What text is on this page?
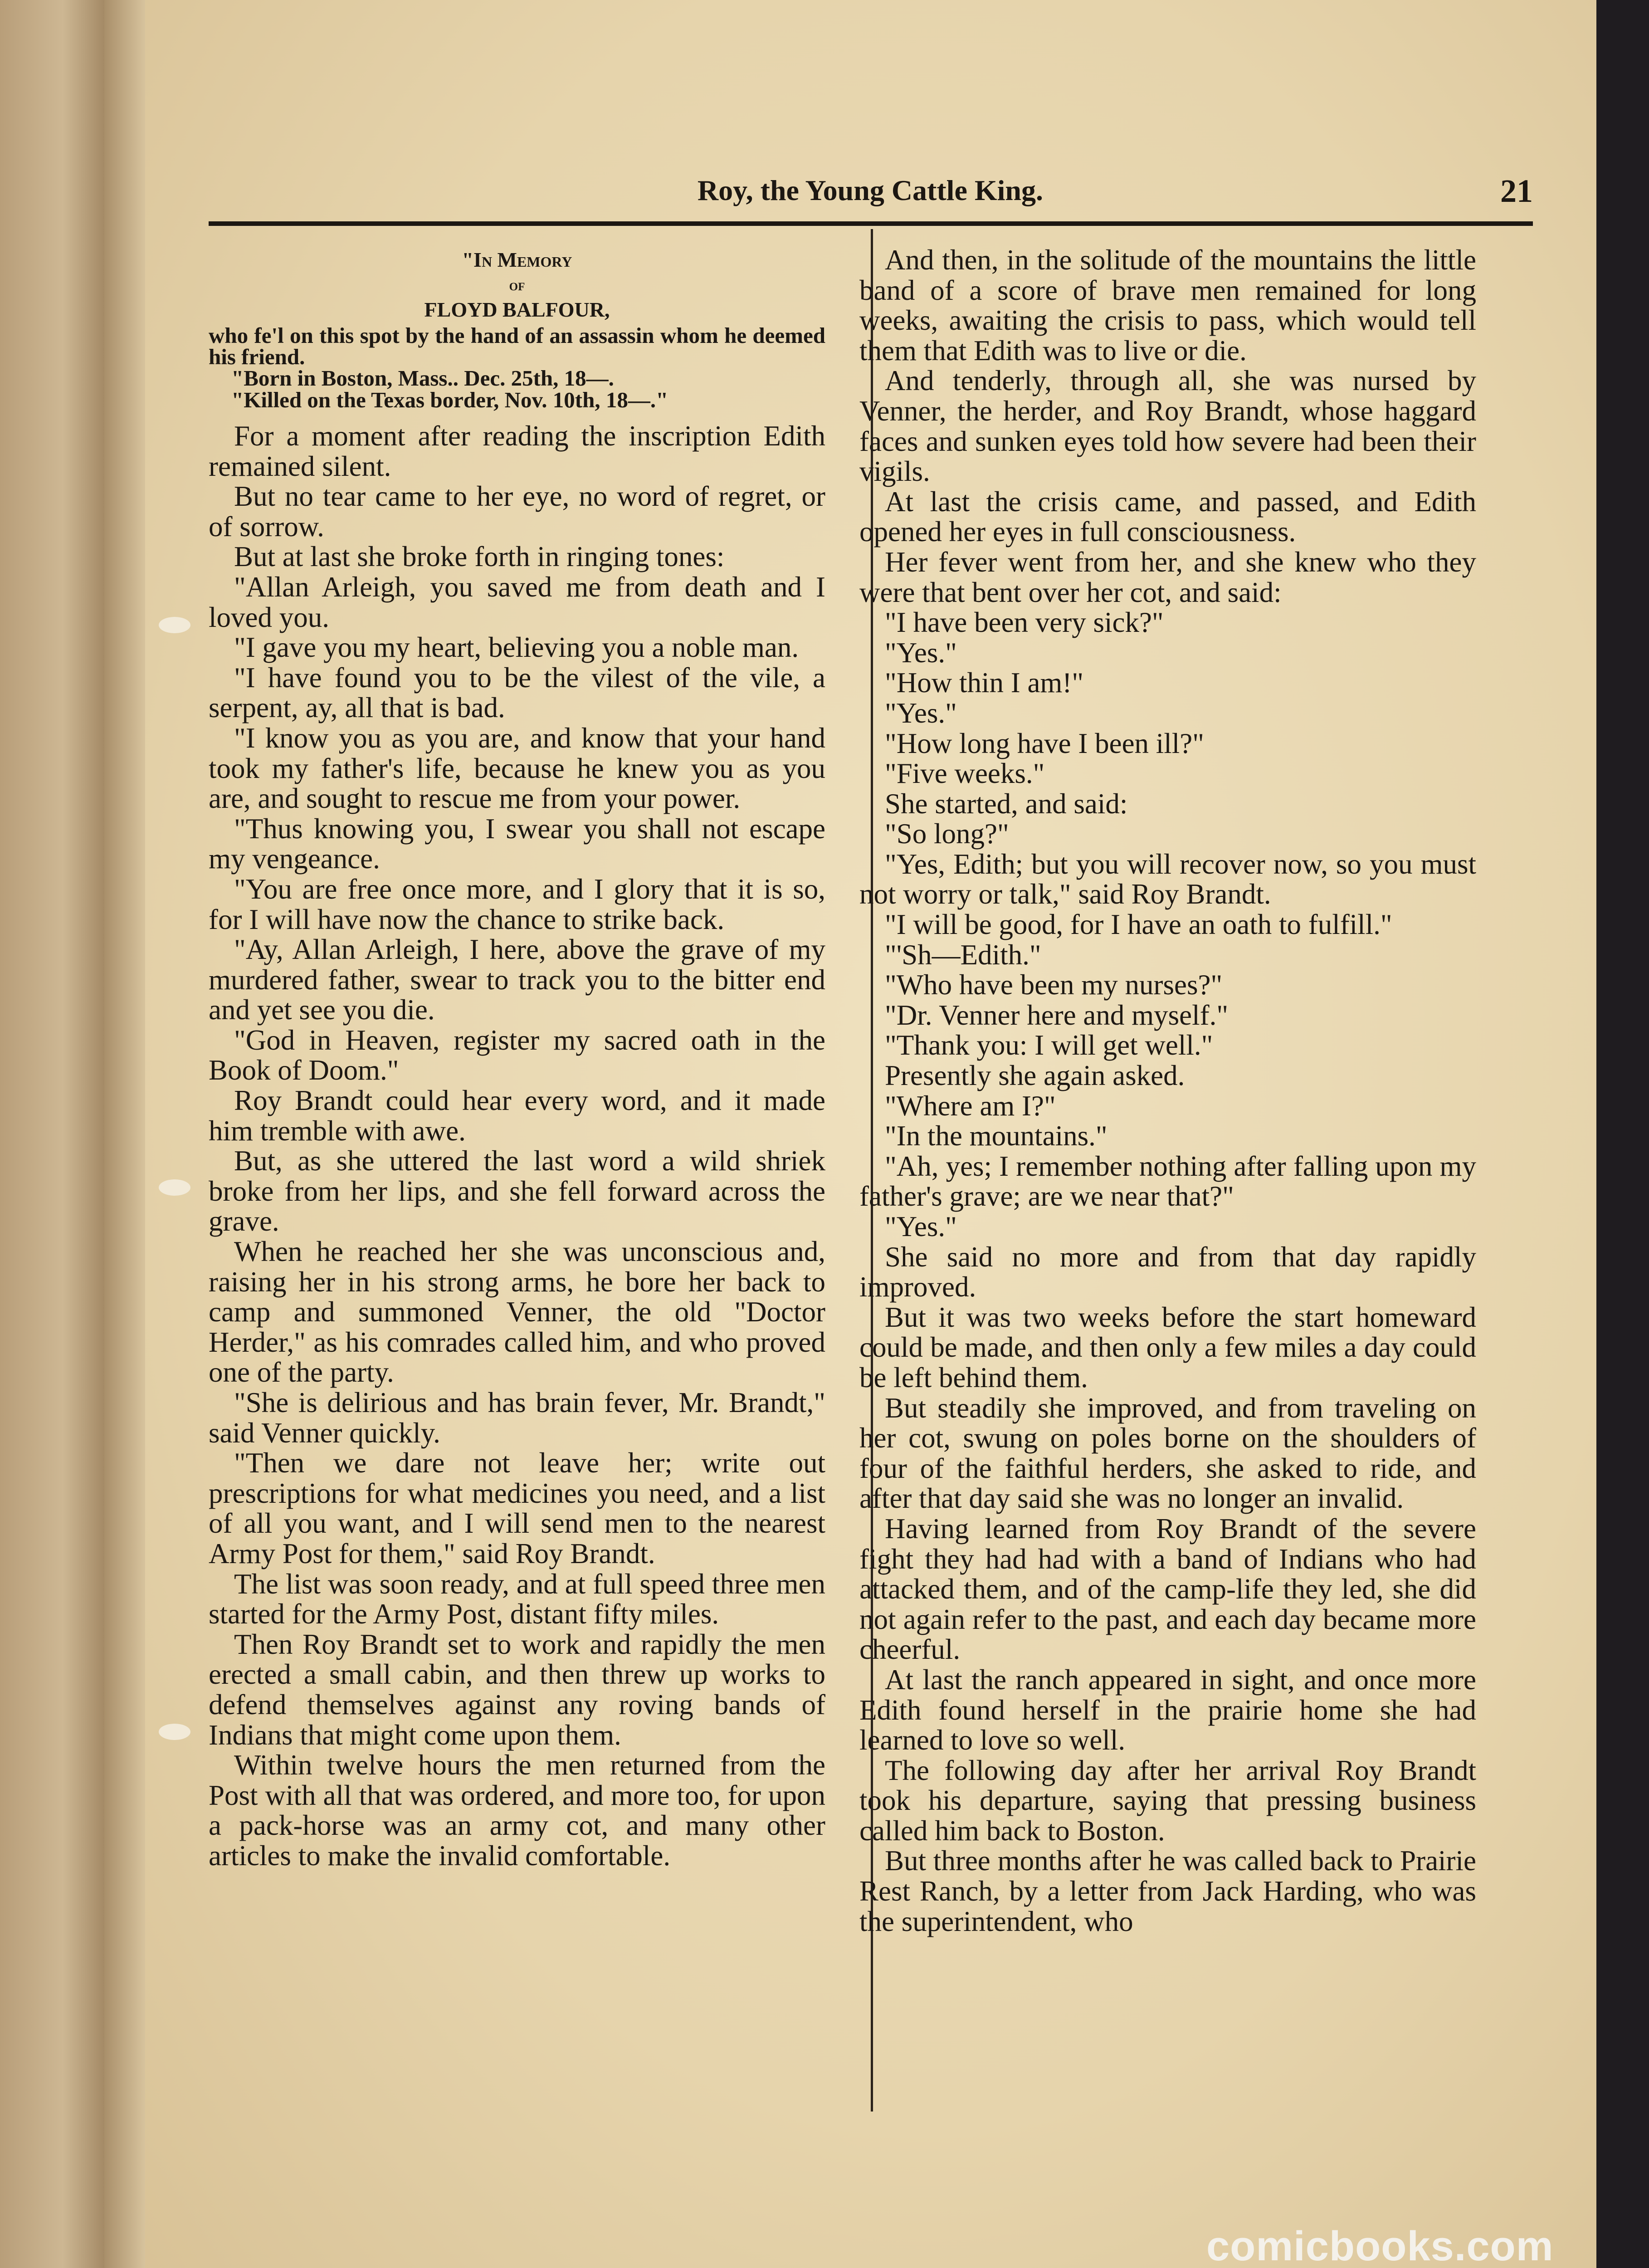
Roy, the Young Cattle King.	21
"In Memory
of
FLOYD BALFOUR,

who fe'l on this spot by the hand of an assassin whom he deemed his friend.

"Born in Boston, Mass.. Dec. 25th, 18—.

"Killed on the Texas border, Nov. 10th, 18—."

For a moment after reading the inscription Edith remained silent.

But no tear came to her eye, no word of regret, or of sorrow.

But at last she broke forth in ringing tones:

"Allan Arleigh, you saved me from death and I loved you.

"I gave you my heart, believing you a noble man.

"I have found you to be the vilest of the vile, a serpent, ay, all that is bad.

"I know you as you are, and know that your hand took my father's life, because he knew you as you are, and sought to rescue me from your power.

"Thus knowing you, I swear you shall not escape my vengeance.

"You are free once more, and I glory that it is so, for I will have now the chance to strike back.

"Ay, Allan Arleigh, I here, above the grave of my murdered father, swear to track you to the bitter end and yet see you die.

"God in Heaven, register my sacred oath in the Book of Doom."

Roy Brandt could hear every word, and it made him tremble with awe.

But, as she uttered the last word a wild shriek broke from her lips, and she fell forward across the grave.

When he reached her she was unconscious and, raising her in his strong arms, he bore her back to camp and summoned Venner, the old "Doctor Herder," as his comrades called him, and who proved one of the party.

"She is delirious and has brain fever, Mr. Brandt," said Venner quickly.

"Then we dare not leave her; write out prescriptions for what medicines you need, and a list of all you want, and I will send men to the nearest Army Post for them," said Roy Brandt.

The list was soon ready, and at full speed three men started for the Army Post, distant fifty miles.

Then Roy Brandt set to work and rapidly the men erected a small cabin, and then threw up works to defend themselves against any roving bands of Indians that might come upon them.

Within twelve hours the men returned from the Post with all that was ordered, and more too, for upon a pack-horse was an army cot, and many other articles to make the invalid comfortable.

And then, in the solitude of the mountains the little band of a score of brave men remained for long weeks, awaiting the crisis to pass, which would tell them that Edith was to live or die.

And tenderly, through all, she was nursed by Venner, the herder, and Roy Brandt, whose haggard faces and sunken eyes told how severe had been their vigils.

At last the crisis came, and passed, and Edith opened her eyes in full consciousness.

Her fever went from her, and she knew who they were that bent over her cot, and said:

"I have been very sick?"

"Yes."

"How thin I am!"

"Yes."

"How long have I been ill?"

"Five weeks."

She started, and said:

"So long?"

"Yes, Edith; but you will recover now, so you must not worry or talk," said Roy Brandt.

"I will be good, for I have an oath to fulfill."

"'Sh—Edith."

"Who have been my nurses?"

"Dr. Venner here and myself."

"Thank you: I will get well."

Presently she again asked.

"Where am I?"

"In the mountains."

"Ah, yes; I remember nothing after falling upon my father's grave; are we near that?"

"Yes."

She said no more and from that day rapidly improved.

But it was two weeks before the start homeward could be made, and then only a few miles a day could be left behind them.

But steadily she improved, and from traveling on her cot, swung on poles borne on the shoulders of four of the faithful herders, she asked to ride, and after that day said she was no longer an invalid.

Having learned from Roy Brandt of the severe fight they had had with a band of Indians who had attacked them, and of the camp-life they led, she did not again refer to the past, and each day became more cheerful.

At last the ranch appeared in sight, and once more Edith found herself in the prairie home she had learned to love so well.

The following day after her arrival Roy Brandt took his departure, saying that pressing business called him back to Boston.

But three months after he was called back to Prairie Rest Ranch, by a letter from Jack Harding, who was the superintendent, who

comicbooks.com
